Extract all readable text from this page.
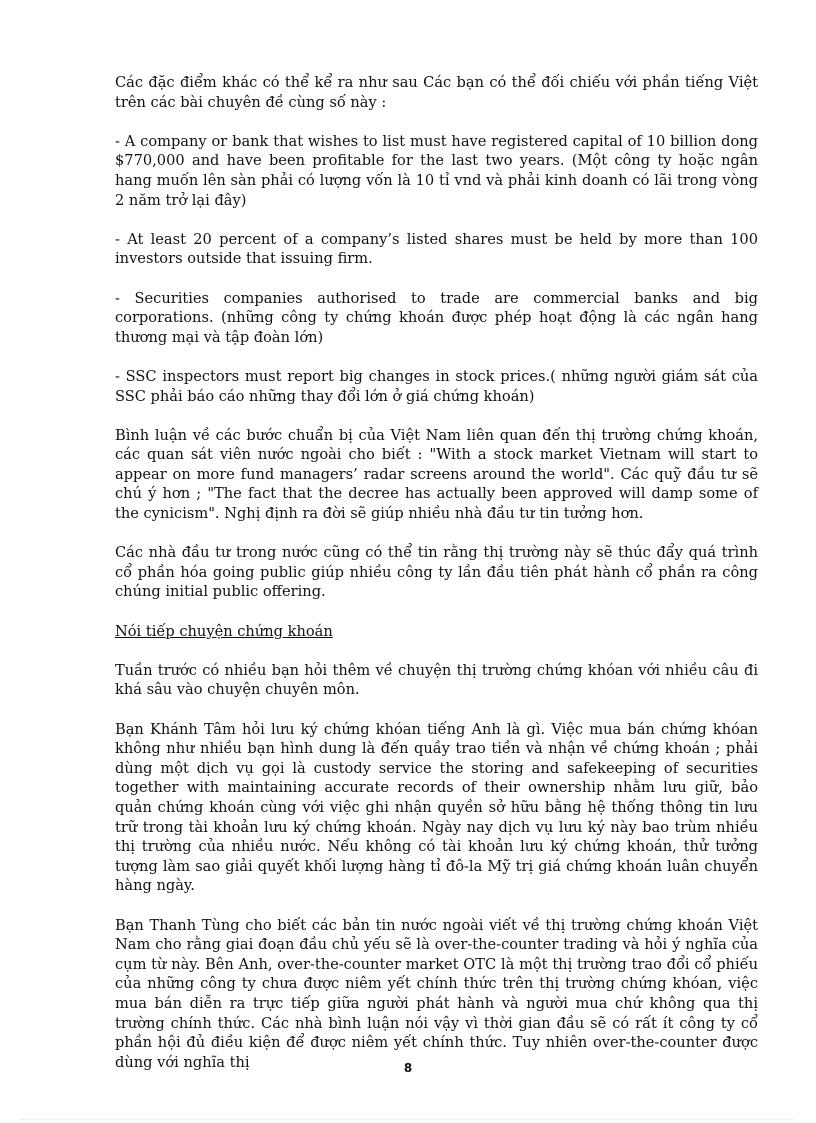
Các đặc điểm khác có thể kể ra như sau Các bạn có thể đối chiếu với phần tiếng Việt trên các bài chuyên đề cùng số này :

- A company or bank that wishes to list must have registered capital of 10 billion dong $770,000 and have been profitable for the last two years. (Một công ty hoặc ngân hang muốn lên sàn phải có lượng vốn là 10 tỉ vnd và phải kinh doanh có lãi trong vòng 2 năm trở lại đây)

- At least 20 percent of a company’s listed shares must be held by more than 100 investors outside that issuing firm.

- Securities companies authorised to trade are commercial banks and big corporations. (những công ty chứng khoán được phép hoạt động là các ngân hang thương mại và tập đoàn lớn)

- SSC inspectors must report big changes in stock prices.( những người giám sát của SSC phải báo cáo những thay đổi lớn ở giá chứng khoán)

Bình luận về các bước chuẩn bị của Việt Nam liên quan đến thị trường chứng khoán, các quan sát viên nước ngoài cho biết : "With a stock market Vietnam will start to appear on more fund managers’ radar screens around the world". Các quỹ đầu tư sẽ chú ý hơn ; "The fact that the decree has actually been approved will damp some of the cynicism". Nghị định ra đời sẽ giúp nhiều nhà đầu tư tin tưởng hơn.

Các nhà đầu tư trong nước cũng có thể tin rằng thị trường này sẽ thúc đẩy quá trình cổ phần hóa going public giúp nhiều công ty lần đầu tiên phát hành cổ phần ra công chúng initial public offering.

Nói tiếp chuyện chứng khoán

Tuần trước có nhiều bạn hỏi thêm về chuyện thị trường chứng khóan với nhiều câu đi khá sâu vào chuyện chuyên môn.

Bạn Khánh Tâm hỏi lưu ký chứng khóan tiếng Anh là gì. Việc mua bán chứng khóan không như nhiều bạn hình dung là đến quầy trao tiền và nhận về chứng khoán ; phải dùng một dịch vụ gọi là custody service the storing and safekeeping of securities together with maintaining accurate records of their ownership nhằm lưu giữ, bảo quản chứng khoán cùng với việc ghi nhận quyền sở hữu bằng hệ thống thông tin lưu trữ trong tài khoản lưu ký chứng khoán. Ngày nay dịch vụ lưu ký này bao trùm nhiều thị trường của nhiều nước. Nếu không có tài khoản lưu ký chứng khoán, thử tưởng tượng làm sao giải quyết khối lượng hàng tỉ đô-la Mỹ trị giá chứng khoán luân chuyển hàng ngày.

Bạn Thanh Tùng cho biết các bản tin nước ngoài viết về thị trường chứng khoán Việt Nam cho rằng giai đoạn đầu chủ yếu sẽ là over-the-counter trading và hỏi ý nghĩa của cụm từ này. Bên Anh, over-the-counter market OTC là một thị trường trao đổi cổ phiếu của những công ty chưa được niêm yết chính thức trên thị trường chứng khóan, việc mua bán diễn ra trực tiếp giữa người phát hành và người mua chứ không qua thị trường chính thức. Các nhà bình luận nói vậy vì thời gian đầu sẽ có rất ít công ty cổ phần hội đủ điều kiện để được niêm yết chính thức. Tuy nhiên over-the-counter được dùng với nghĩa thị	8
